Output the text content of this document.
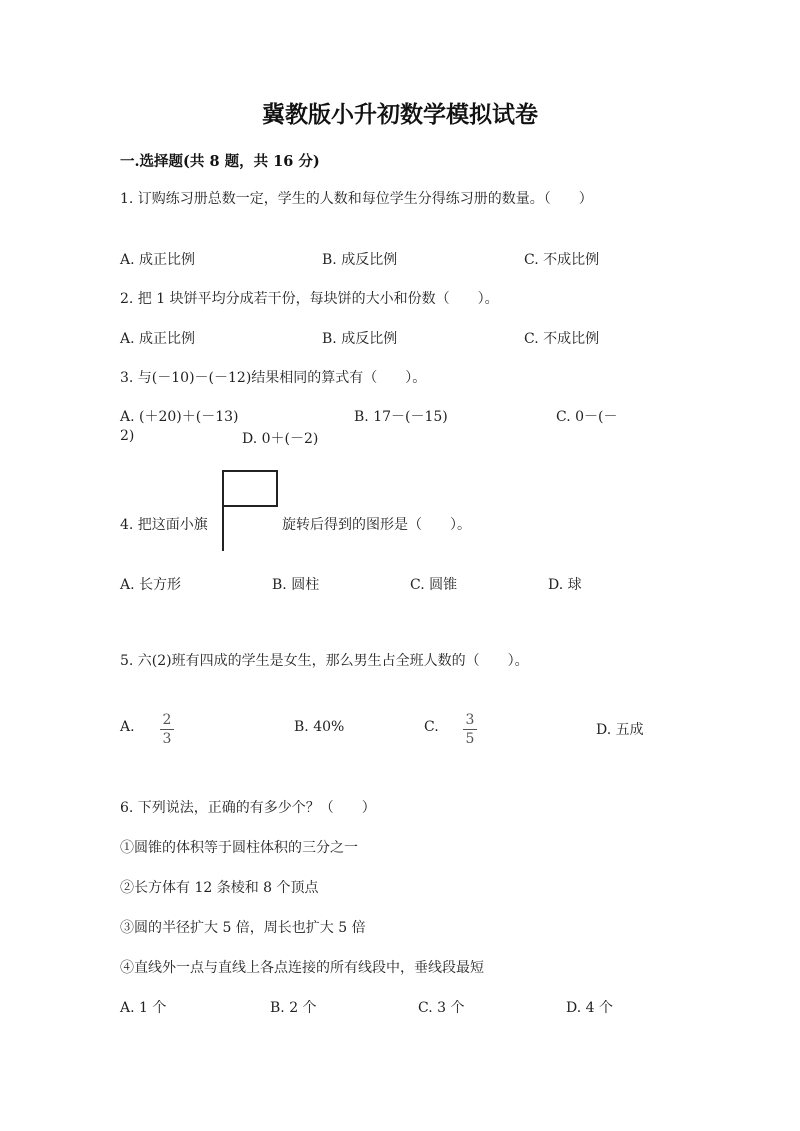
冀教版小升初数学模拟试卷
一.选择题(共 8 题，共 16 分)
1. 订购练习册总数一定，学生的人数和每位学生分得练习册的数量。（　　）
A. 成正比例	B. 成反比例	C. 不成比例
2. 把 1 块饼平均分成若干份，每块饼的大小和份数（　　）。
A. 成正比例	B. 成反比例	C. 不成比例
3. 与(－10)－(－12)结果相同的算式有（　　）。
A. (＋20)＋(－13)	B. 17－(－15)	C. 0－(－
2)	D. 0＋(－2)
4. 把这面小旗	旋转后得到的图形是（　　）。
A. 长方形	B. 圆柱	C. 圆锥	D. 球
5. 六(2)班有四成的学生是女生，那么男生占全班人数的（　　）。
A. 2
3
B. 40%	C. 3
5
D. 五成
6. 下列说法，正确的有多少个？（　　）
①圆锥的体积等于圆柱体积的三分之一
②长方体有 12 条棱和 8 个顶点
③圆的半径扩大 5 倍，周长也扩大 5 倍
④直线外一点与直线上各点连接的所有线段中，垂线段最短
A. 1 个	B. 2 个	C. 3 个	D. 4 个
